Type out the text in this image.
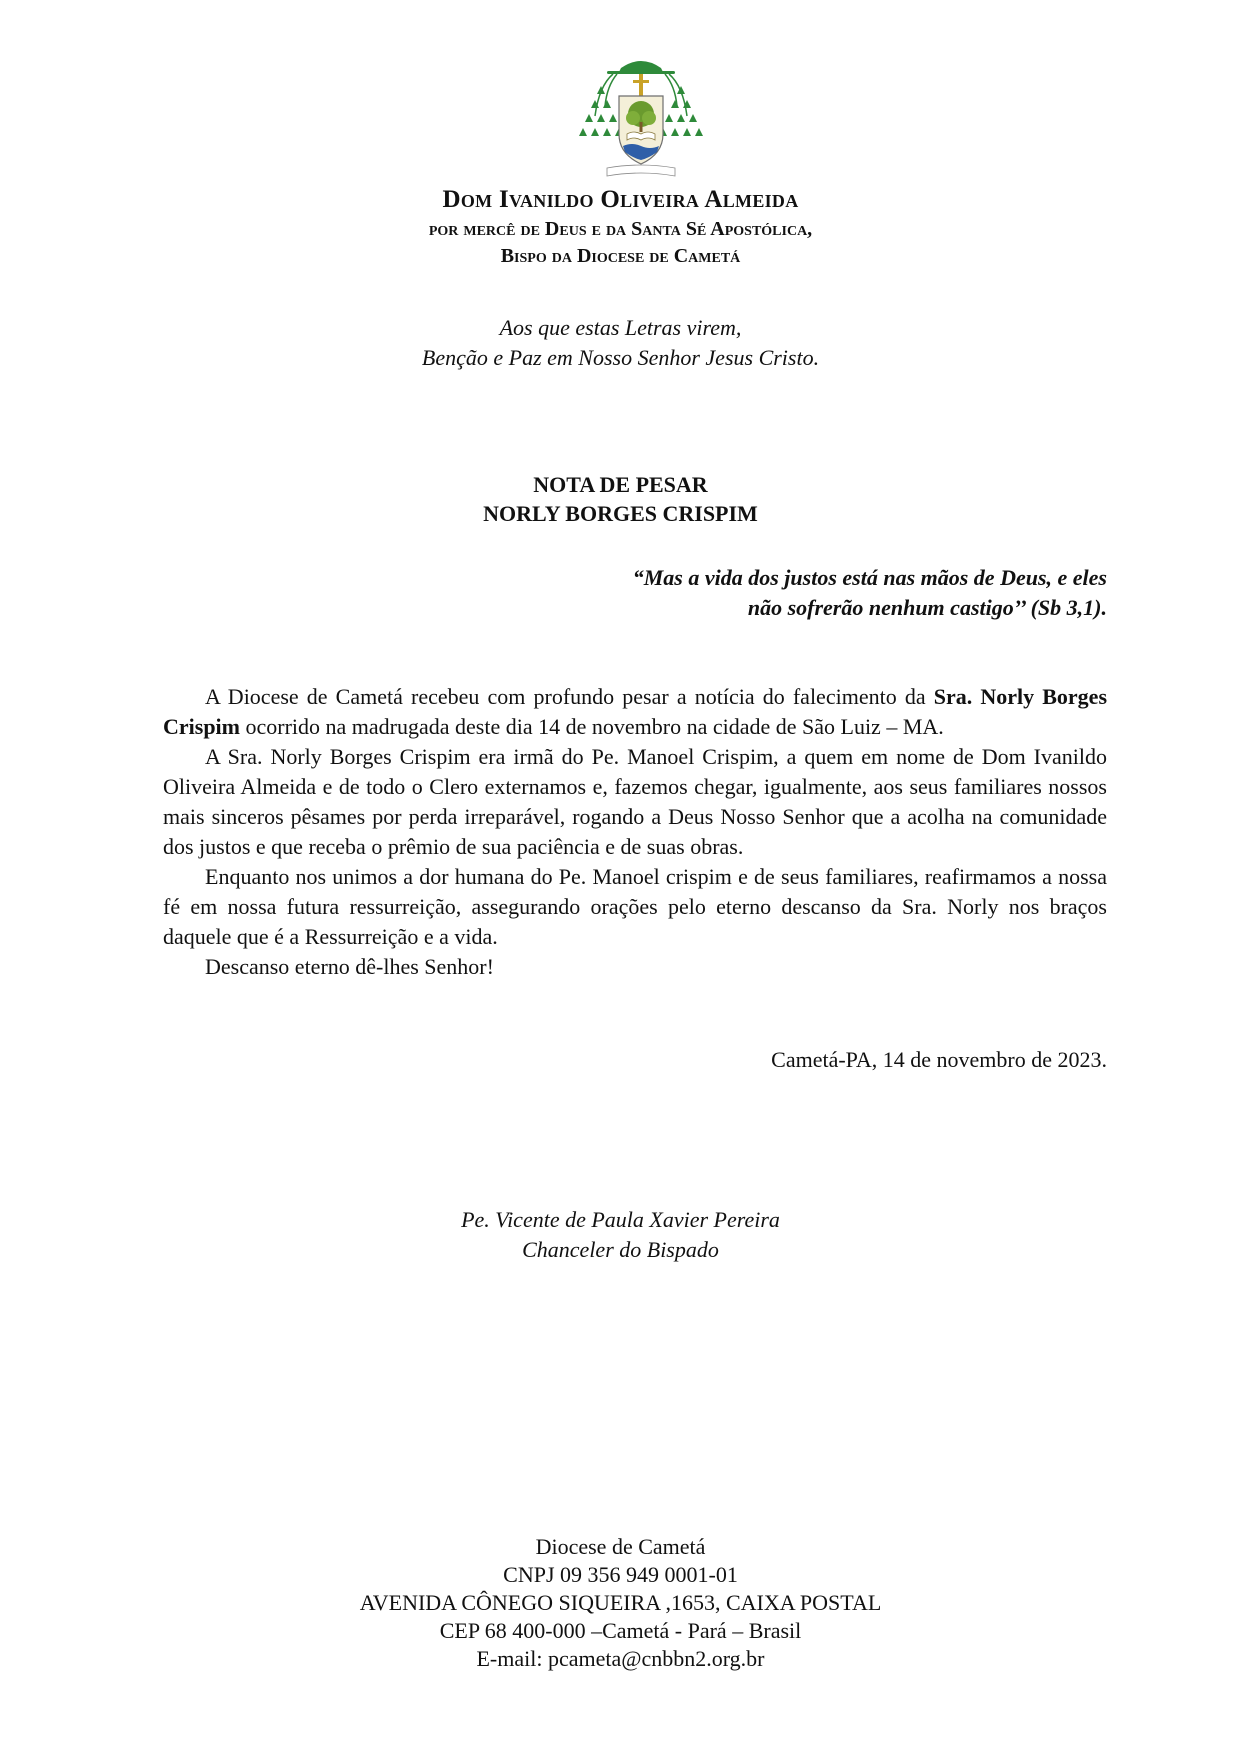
Dom Ivanildo Oliveira Almeida
por mercê de Deus e da Santa Sé Apostólica,
Bispo da Diocese de Cametá
Aos que estas Letras virem,
Benção e Paz em Nosso Senhor Jesus Cristo.
NOTA DE PESAR
NORLY BORGES CRISPIM
“Mas a vida dos justos está nas mãos de Deus, e eles
não sofrerão nenhum castigo’’ (Sb 3,1).

A Diocese de Cametá recebeu com profundo pesar a notícia do falecimento da Sra. Norly Borges Crispim ocorrido na madrugada deste dia 14 de novembro na cidade de São Luiz – MA.

A Sra. Norly Borges Crispim era irmã do Pe. Manoel Crispim, a quem em nome de Dom Ivanildo Oliveira Almeida e de todo o Clero externamos e, fazemos chegar, igualmente, aos seus familiares nossos mais sinceros pêsames por perda irreparável, rogando a Deus Nosso Senhor que a acolha na comunidade dos justos e que receba o prêmio de sua paciência e de suas obras.

Enquanto nos unimos a dor humana do Pe. Manoel crispim e de seus familiares, reafirmamos a nossa fé em nossa futura ressurreição, assegurando orações pelo eterno descanso da Sra. Norly nos braços daquele que é a Ressurreição e a vida.

Descanso eterno dê-lhes Senhor!

Cametá-PA, 14 de novembro de 2023.
Pe. Vicente de Paula Xavier Pereira
Chanceler do Bispado
Diocese de Cametá
CNPJ 09 356 949 0001-01
AVENIDA CÔNEGO SIQUEIRA ,1653, CAIXA POSTAL
CEP 68 400-000 –Cametá - Pará – Brasil
E-mail: pcameta@cnbbn2.org.br
